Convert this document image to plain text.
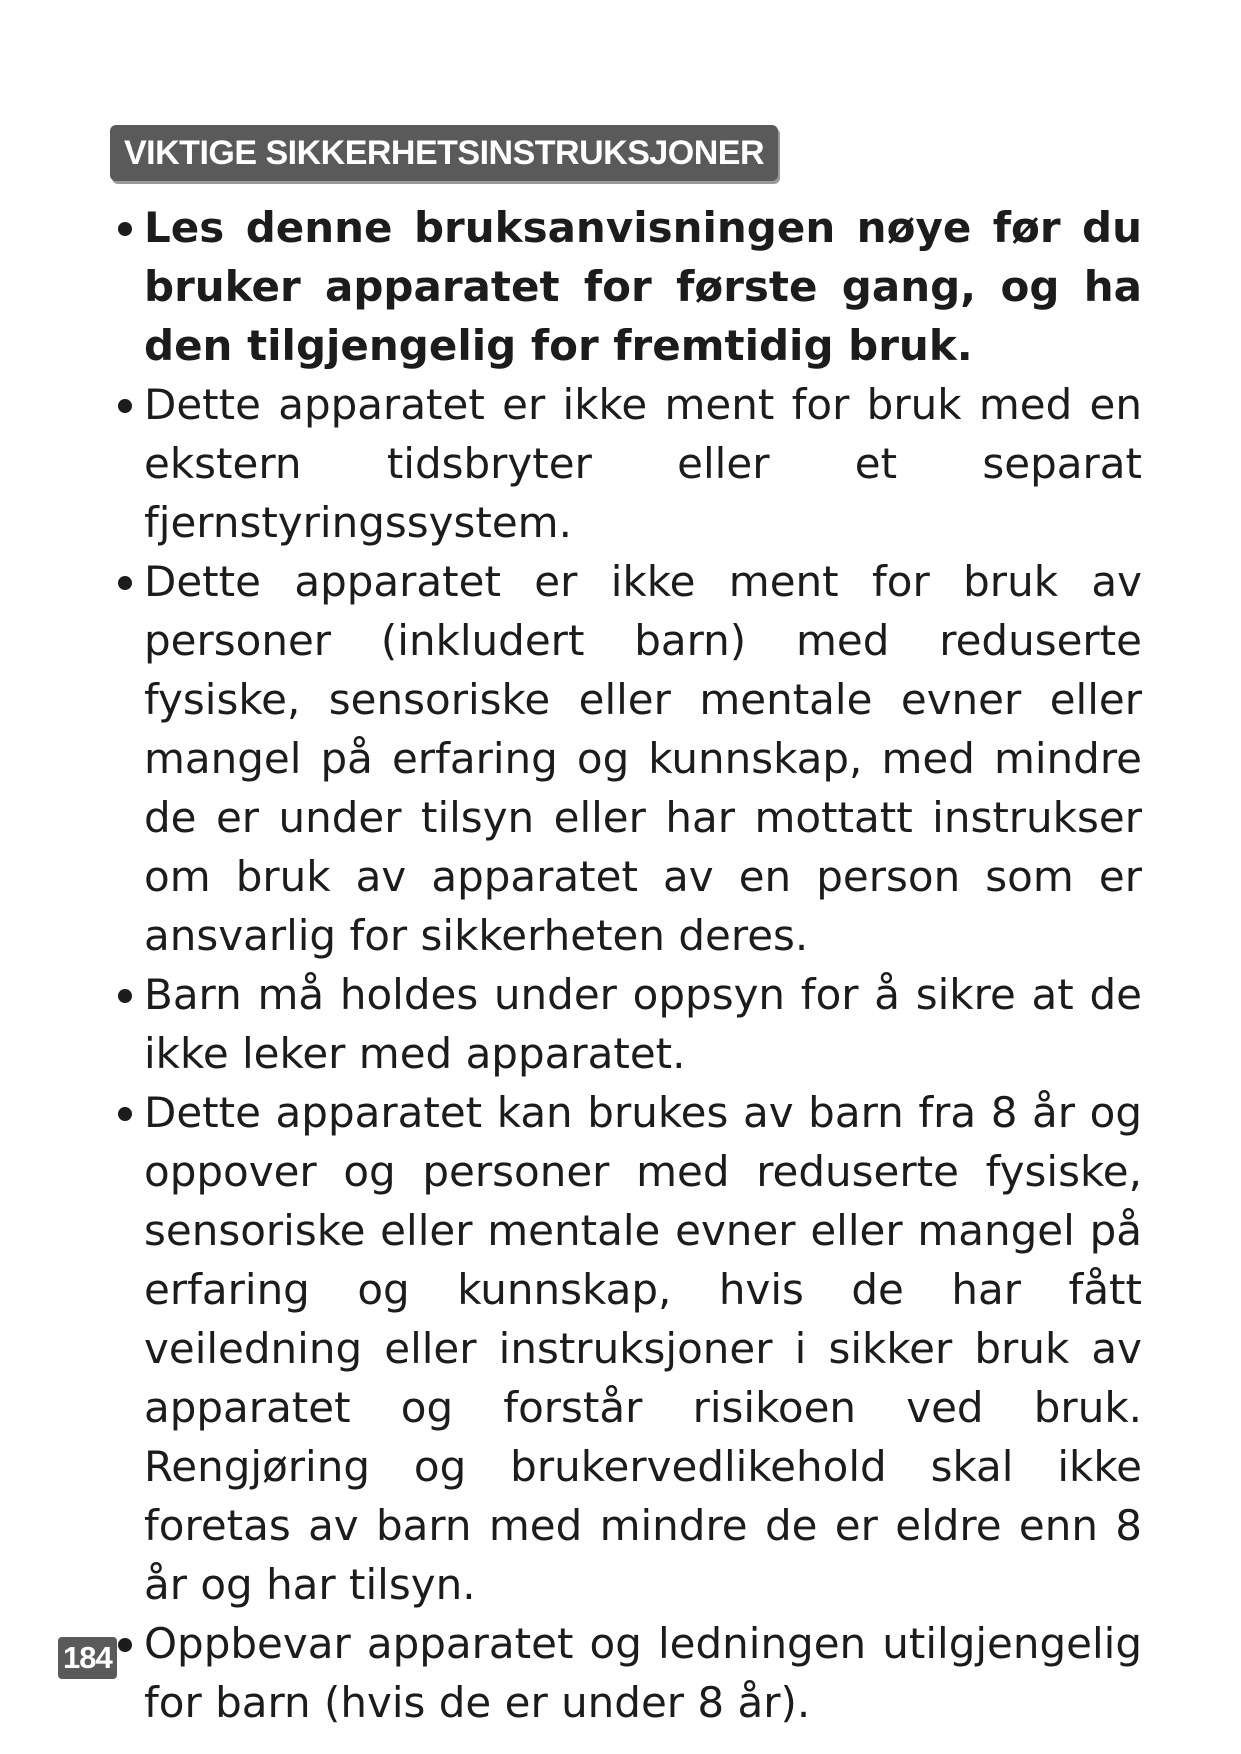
VIKTIGE SIKKERHETSINSTRUKSJONER
Les denne bruksanvisningen nøye før du bruker apparatet for første gang, og ha den tilgjengelig for fremtidig bruk.
Dette apparatet er ikke ment for bruk med en ekstern tidsbryter eller et separat fjernstyringssystem.
Dette apparatet er ikke ment for bruk av personer (inkludert barn) med reduserte fysiske, sensoriske eller mentale evner eller mangel på erfaring og kunnskap, med mindre de er under tilsyn eller har mottatt instrukser om bruk av apparatet av en person som er ansvarlig for sikkerheten deres.
Barn må holdes under oppsyn for å sikre at de ikke leker med apparatet.
Dette apparatet kan brukes av barn fra 8 år og oppover og personer med reduserte fysiske, sensoriske eller mentale evner eller mangel på erfaring og kunnskap, hvis de har fått veiledning eller instruksjoner i sikker bruk av apparatet og forstår risikoen ved bruk. Rengjøring og brukervedlikehold skal ikke foretas av barn med mindre de er eldre enn 8 år og har tilsyn.
Oppbevar apparatet og ledningen utilgjengelig for barn (hvis de er under 8 år).
184
